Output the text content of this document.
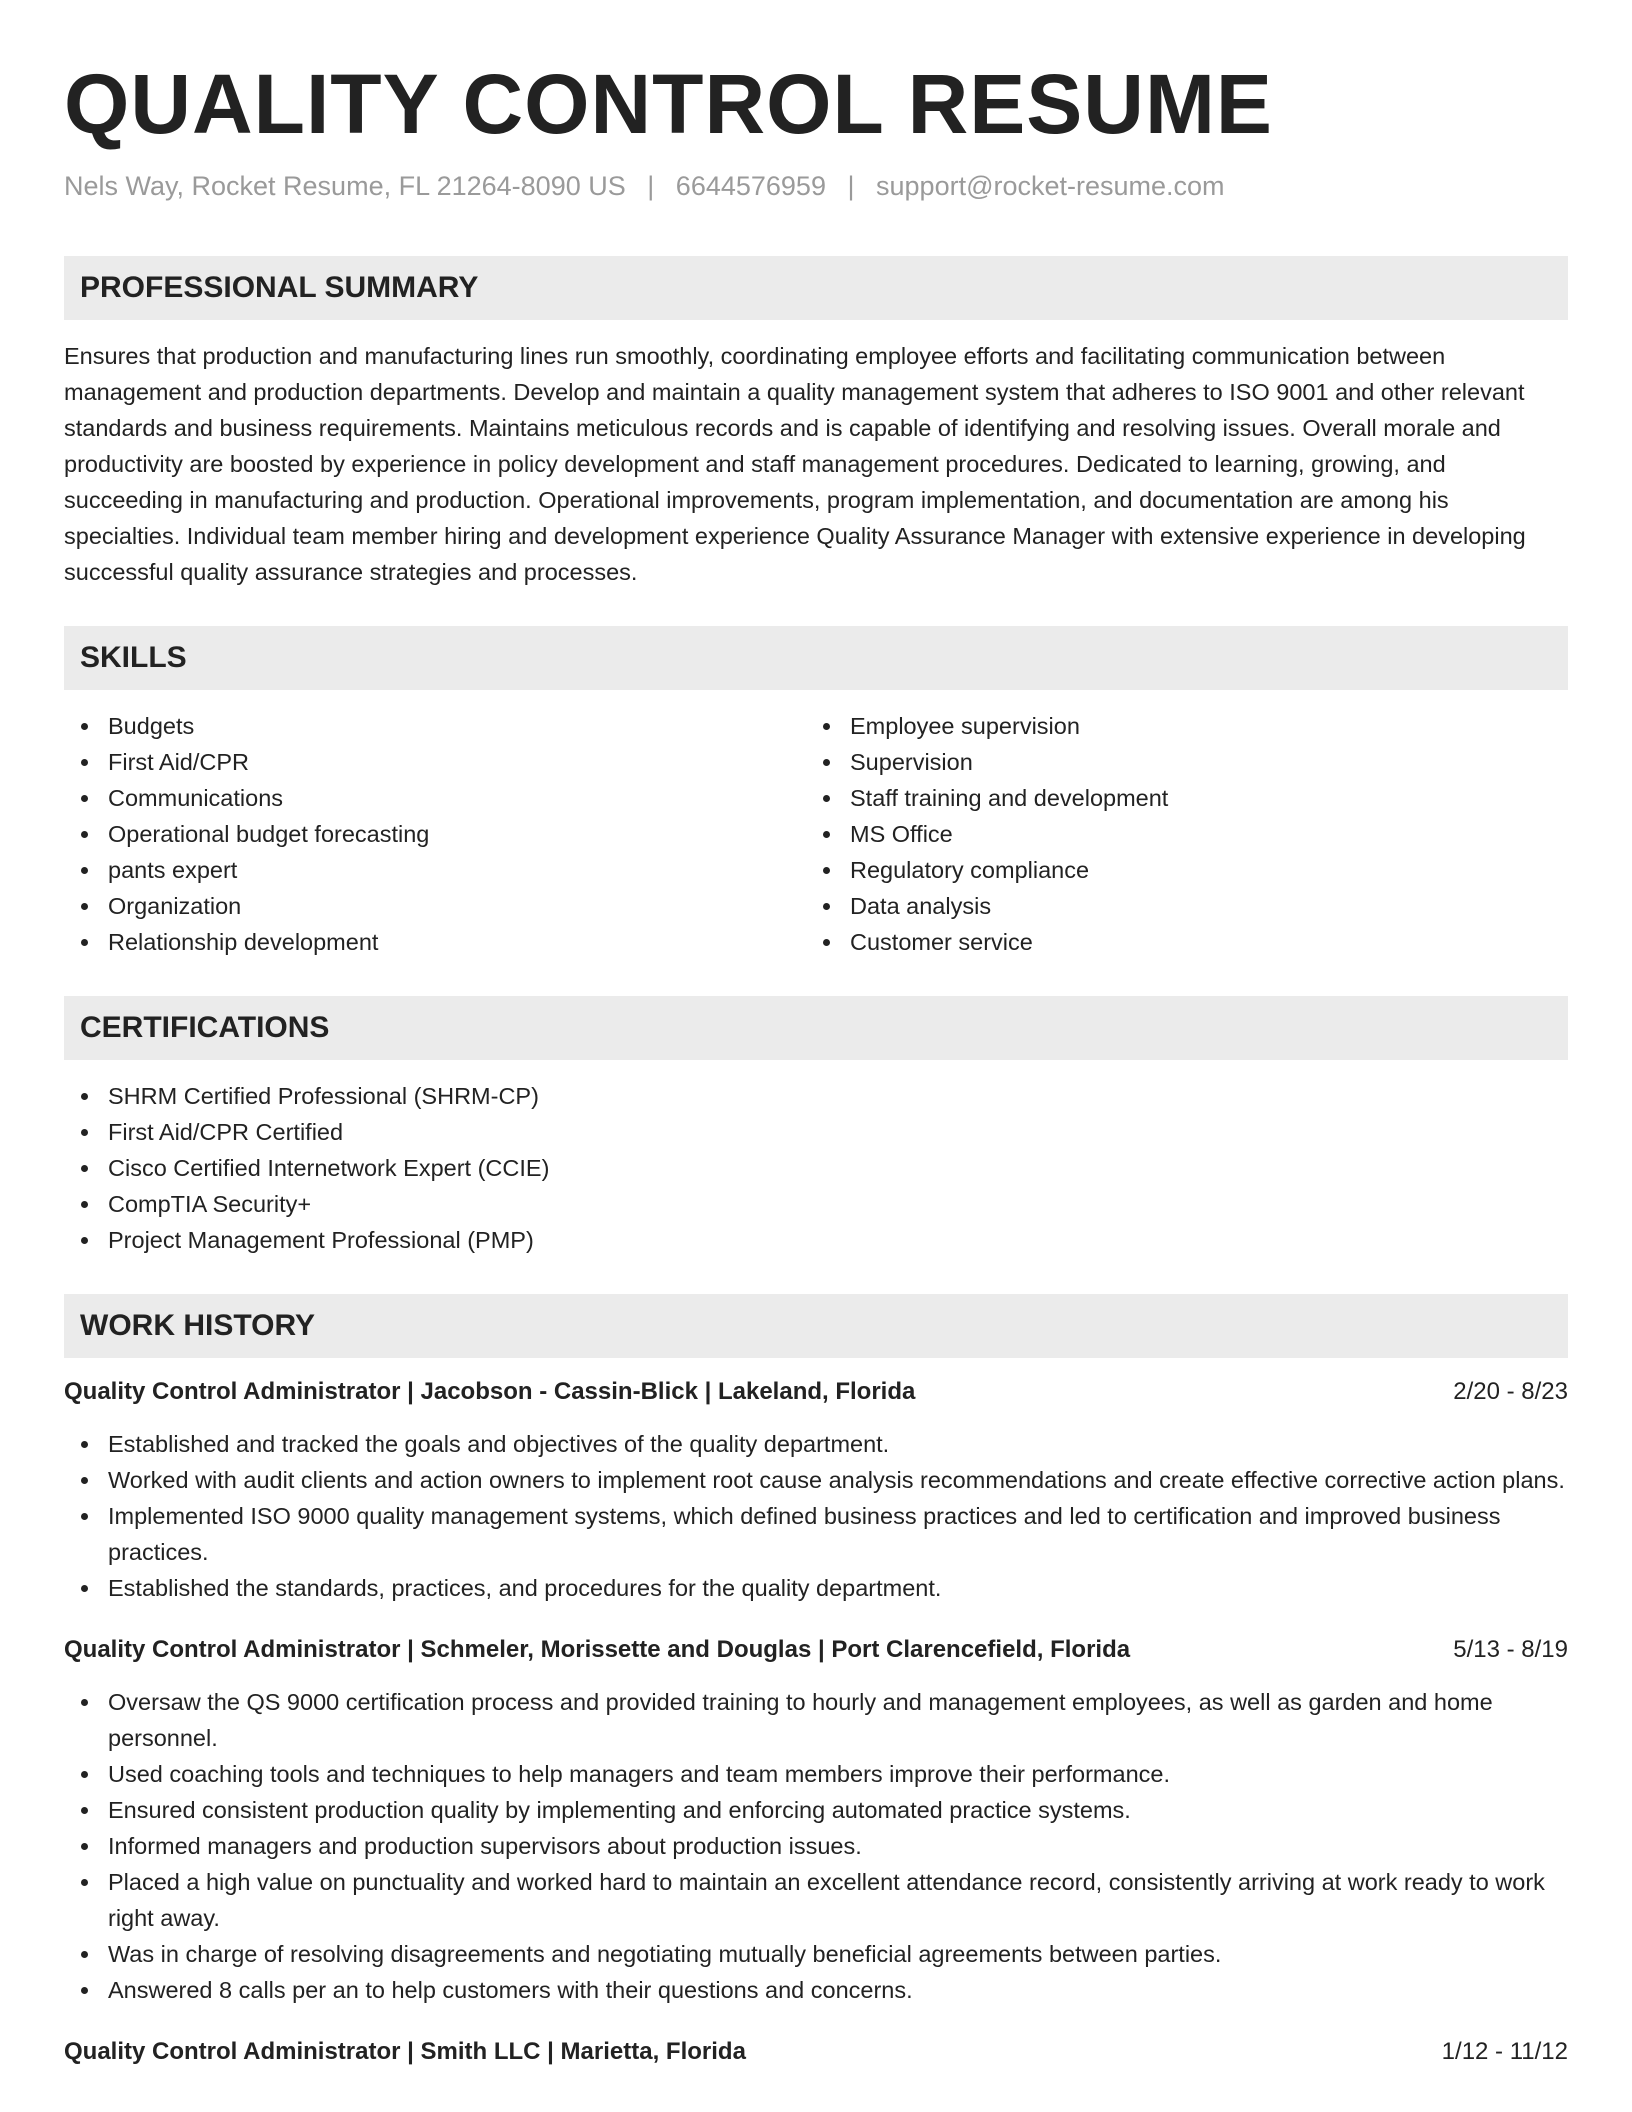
QUALITY CONTROL RESUME
Nels Way, Rocket Resume, FL 21264-8090 US | 6644576959 | support@rocket-resume.com
PROFESSIONAL SUMMARY
Ensures that production and manufacturing lines run smoothly, coordinating employee efforts and facilitating communication between management and production departments. Develop and maintain a quality management system that adheres to ISO 9001 and other relevant standards and business requirements. Maintains meticulous records and is capable of identifying and resolving issues. Overall morale and productivity are boosted by experience in policy development and staff management procedures. Dedicated to learning, growing, and succeeding in manufacturing and production. Operational improvements, program implementation, and documentation are among his specialties. Individual team member hiring and development experience Quality Assurance Manager with extensive experience in developing successful quality assurance strategies and processes.
SKILLS
Budgets
First Aid/CPR
Communications
Operational budget forecasting
pants expert
Organization
Relationship development
Employee supervision
Supervision
Staff training and development
MS Office
Regulatory compliance
Data analysis
Customer service
CERTIFICATIONS
SHRM Certified Professional (SHRM-CP)
First Aid/CPR Certified
Cisco Certified Internetwork Expert (CCIE)
CompTIA Security+
Project Management Professional (PMP)
WORK HISTORY
Quality Control Administrator | Jacobson - Cassin-Blick | Lakeland, Florida	2/20 - 8/23
Established and tracked the goals and objectives of the quality department.
Worked with audit clients and action owners to implement root cause analysis recommendations and create effective corrective action plans.
Implemented ISO 9000 quality management systems, which defined business practices and led to certification and improved business practices.
Established the standards, practices, and procedures for the quality department.
Quality Control Administrator | Schmeler, Morissette and Douglas | Port Clarencefield, Florida	5/13 - 8/19
Oversaw the QS 9000 certification process and provided training to hourly and management employees, as well as garden and home personnel.
Used coaching tools and techniques to help managers and team members improve their performance.
Ensured consistent production quality by implementing and enforcing automated practice systems.
Informed managers and production supervisors about production issues.
Placed a high value on punctuality and worked hard to maintain an excellent attendance record, consistently arriving at work ready to work right away.
Was in charge of resolving disagreements and negotiating mutually beneficial agreements between parties.
Answered 8 calls per an to help customers with their questions and concerns.
Quality Control Administrator | Smith LLC | Marietta, Florida	1/12 - 11/12
